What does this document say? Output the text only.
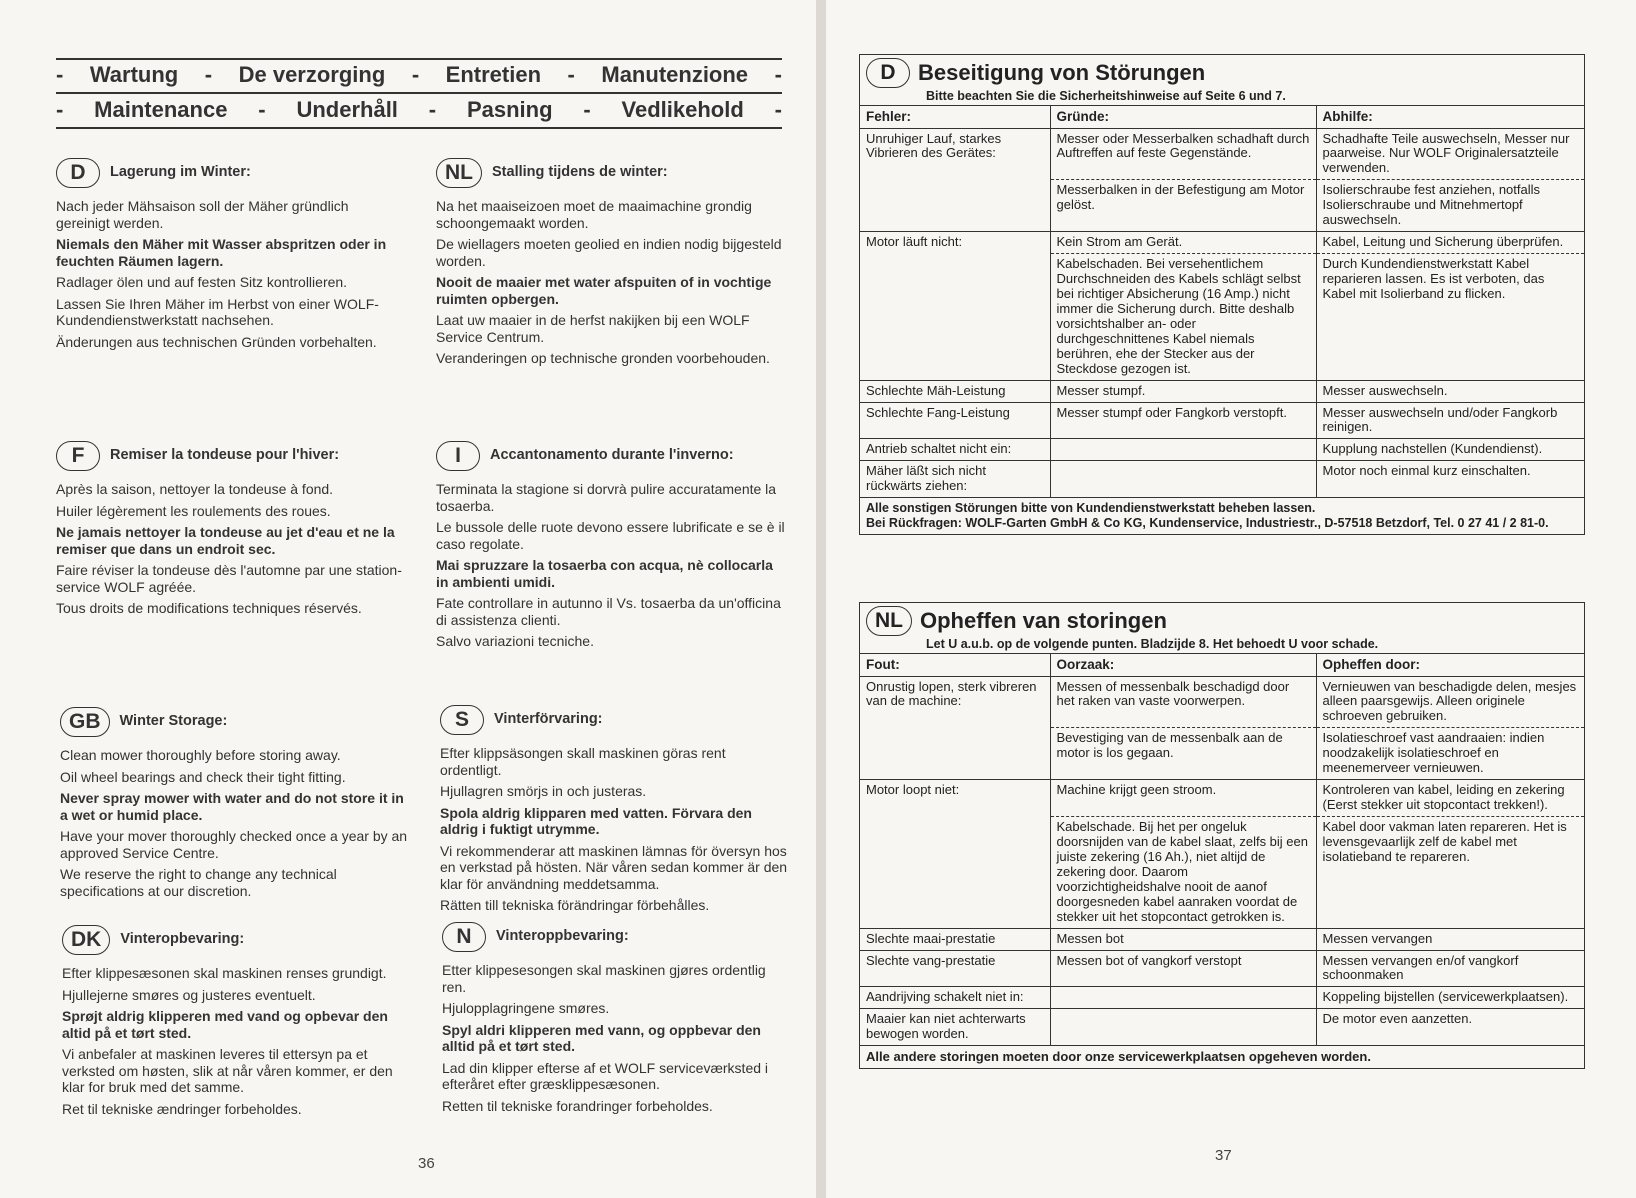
- Wartung - De verzorging - Entretien - Manutenzione -
- Maintenance - Underhåll - Pasning - Vedlikehold -
D	Lagerung im Winter:

Nach jeder Mähsaison soll der Mäher gründlich gereinigt werden.

Niemals den Mäher mit Wasser abspritzen oder in feuchten Räumen lagern.

Radlager ölen und auf festen Sitz kontrollieren.

Lassen Sie Ihren Mäher im Herbst von einer WOLF-Kundendienstwerkstatt nachsehen.

Änderungen aus technischen Gründen vorbehalten.

NL	Stalling tijdens de winter:

Na het maaiseizoen moet de maaimachine grondig schoongemaakt worden.

De wiellagers moeten geolied en indien nodig bijgesteld worden.

Nooit de maaier met water afspuiten of in vochtige ruimten opbergen.

Laat uw maaier in de herfst nakijken bij een WOLF Service Centrum.

Veranderingen op technische gronden voorbehouden.

F	Remiser la tondeuse pour l'hiver:

Après la saison, nettoyer la tondeuse à fond.

Huiler légèrement les roulements des roues.

Ne jamais nettoyer la tondeuse au jet d'eau et ne la remiser que dans un endroit sec.

Faire réviser la tondeuse dès l'automne par une station-service WOLF agréée.

Tous droits de modifications techniques réservés.

I	Accantonamento durante l'inverno:

Terminata la stagione si dorvrà pulire accuratamente la tosaerba.

Le bussole delle ruote devono essere lubrificate e se è il caso regolate.

Mai spruzzare la tosaerba con acqua, nè collocarla in ambienti umidi.

Fate controllare in autunno il Vs. tosaerba da un'officina di assistenza clienti.

Salvo variazioni tecniche.

GB	Winter Storage:

Clean mower thoroughly before storing away.

Oil wheel bearings and check their tight fitting.

Never spray mower with water and do not store it in a wet or humid place.

Have your mover thoroughly checked once a year by an approved Service Centre.

We reserve the right to change any technical specifications at our discretion.

S	Vinterförvaring:

Efter klippsäsongen skall maskinen göras rent ordentligt.

Hjullagren smörjs in och justeras.

Spola aldrig klipparen med vatten. Förvara den aldrig i fuktigt utrymme.

Vi rekommenderar att maskinen lämnas för översyn hos en verkstad på hösten. När våren sedan kommer är den klar för användning meddetsamma.

Rätten till tekniska förändringar förbehålles.

DK	Vinteropbevaring:

Efter klippesæsonen skal maskinen renses grundigt.

Hjullejerne smøres og justeres eventuelt.

Sprøjt aldrig klipperen med vand og opbevar den altid på et tørt sted.

Vi anbefaler at maskinen leveres til ettersyn pa et verksted om høsten, slik at når våren kommer, er den klar for bruk med det samme.

Ret til tekniske ændringer forbeholdes.

N	Vinteroppbevaring:

Etter klippesesongen skal maskinen gjøres ordentlig ren.

Hjulopplagringene smøres.

Spyl aldri klipperen med vann, og oppbevar den alltid på et tørt sted.

Lad din klipper efterse af et WOLF serviceværksted i efteråret efter græsklippesæsonen.

Retten til tekniske forandringer forbeholdes.

36
D	Beseitigung von Störungen
Bitte beachten Sie die Sicherheitshinweise auf Seite 6 und 7.
Fehler:	Gründe:	Abhilfe:
Unruhiger Lauf, starkes Vibrieren des Gerätes:	Messer oder Messerbalken schadhaft durch Auftreffen auf feste Gegenstände.	Schadhafte Teile auswechseln, Messer nur paarweise. Nur WOLF Originalersatzteile verwenden.
	Messerbalken in der Befestigung am Motor gelöst.	Isolierschraube fest anziehen, notfalls Isolierschraube und Mitnehmertopf auswechseln.
Motor läuft nicht:	Kein Strom am Gerät.	Kabel, Leitung und Sicherung überprüfen.
	Kabelschaden. Bei versehentlichem Durchschneiden des Kabels schlägt selbst bei richtiger Absicherung (16 Amp.) nicht immer die Sicherung durch. Bitte deshalb vorsichtshalber an- oder durchgeschnittenes Kabel niemals berühren, ehe der Stecker aus der Steckdose gezogen ist.	Durch Kundendienstwerkstatt Kabel reparieren lassen. Es ist verboten, das Kabel mit Isolierband zu flicken.
Schlechte Mäh-Leistung	Messer stumpf.	Messer auswechseln.
Schlechte Fang-Leistung	Messer stumpf oder Fangkorb verstopft.	Messer auswechseln und/oder Fangkorb reinigen.
Antrieb schaltet nicht ein:		Kupplung nachstellen (Kundendienst).
Mäher läßt sich nicht rückwärts ziehen:		Motor noch einmal kurz einschalten.
Alle sonstigen Störungen bitte von Kundendienstwerkstatt beheben lassen.
Bei Rückfragen: WOLF-Garten GmbH & Co KG, Kundenservice, Industriestr., D-57518 Betzdorf, Tel. 0 27 41 / 2 81-0.
NL Opheffen van storingen
Let U a.u.b. op de volgende punten. Bladzijde 8. Het behoedt U voor schade.
Fout:	Oorzaak:	Opheffen door:
Onrustig lopen, sterk vibreren van de machine:	Messen of messenbalk beschadigd door het raken van vaste voorwerpen.	Vernieuwen van beschadigde delen, mesjes alleen paarsgewijs. Alleen originele schroeven gebruiken.
	Bevestiging van de messenbalk aan de motor is los gegaan.	Isolatieschroef vast aandraaien: indien noodzakelijk isolatieschroef en meenemerveer vernieuwen.
Motor loopt niet:	Machine krijgt geen stroom.	Kontroleren van kabel, leiding en zekering (Eerst stekker uit stopcontact trekken!).
	Kabelschade. Bij het per ongeluk doorsnijden van de kabel slaat, zelfs bij een juiste zekering (16 Ah.), niet altijd de zekering door. Daarom voorzichtigheidshalve nooit de aanof doorgesneden kabel aanraken voordat de stekker uit het stopcontact getrokken is.	Kabel door vakman laten repareren. Het is levensgevaarlijk zelf de kabel met isolatieband te repareren.
Slechte maai-prestatie	Messen bot	Messen vervangen
Slechte vang-prestatie	Messen bot of vangkorf verstopt	Messen vervangen en/of vangkorf schoonmaken
Aandrijving schakelt niet in:		Koppeling bijstellen (servicewerkplaatsen).
Maaier kan niet achterwarts bewogen worden.		De motor even aanzetten.
Alle andere storingen moeten door onze servicewerkplaatsen opgeheven worden.
37
